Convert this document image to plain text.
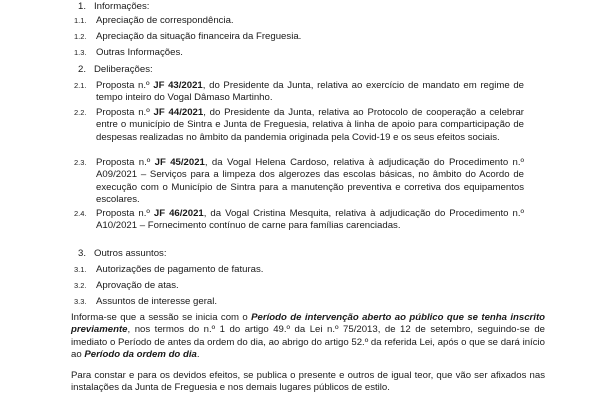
1. Informações:
1.1. Apreciação de correspondência.
1.2. Apreciação da situação financeira da Freguesia.
1.3. Outras Informações.
2. Deliberações:
2.1. Proposta n.º JF 43/2021, do Presidente da Junta, relativa ao exercício de mandato em regime de tempo inteiro do Vogal Dâmaso Martinho.
2.2. Proposta n.º JF 44/2021, do Presidente da Junta, relativa ao Protocolo de cooperação a celebrar entre o município de Sintra e Junta de Freguesia, relativa à linha de apoio para comparticipação de despesas realizadas no âmbito da pandemia originada pela Covid-19 e os seus efeitos sociais.
2.3. Proposta n.º JF 45/2021, da Vogal Helena Cardoso, relativa à adjudicação do Procedimento n.º A09/2021 – Serviços para a limpeza dos algerozes das escolas básicas, no âmbito do Acordo de execução com o Município de Sintra para a manutenção preventiva e corretiva dos equipamentos escolares.
2.4. Proposta n.º JF 46/2021, da Vogal Cristina Mesquita, relativa à adjudicação do Procedimento n.º A10/2021 – Fornecimento contínuo de carne para famílias carenciadas.
3. Outros assuntos:
3.1. Autorizações de pagamento de faturas.
3.2. Aprovação de atas.
3.3. Assuntos de interesse geral.
Informa-se que a sessão se inicia com o Período de intervenção aberto ao público que se tenha inscrito previamente, nos termos do n.º 1 do artigo 49.º da Lei n.º 75/2013, de 12 de setembro, seguindo-se de imediato o Período de antes da ordem do dia, ao abrigo do artigo 52.º da referida Lei, após o que se dará início ao Período da ordem do dia.
Para constar e para os devidos efeitos, se publica o presente e outros de igual teor, que vão ser afixados nas instalações da Junta de Freguesia e nos demais lugares públicos de estilo.
